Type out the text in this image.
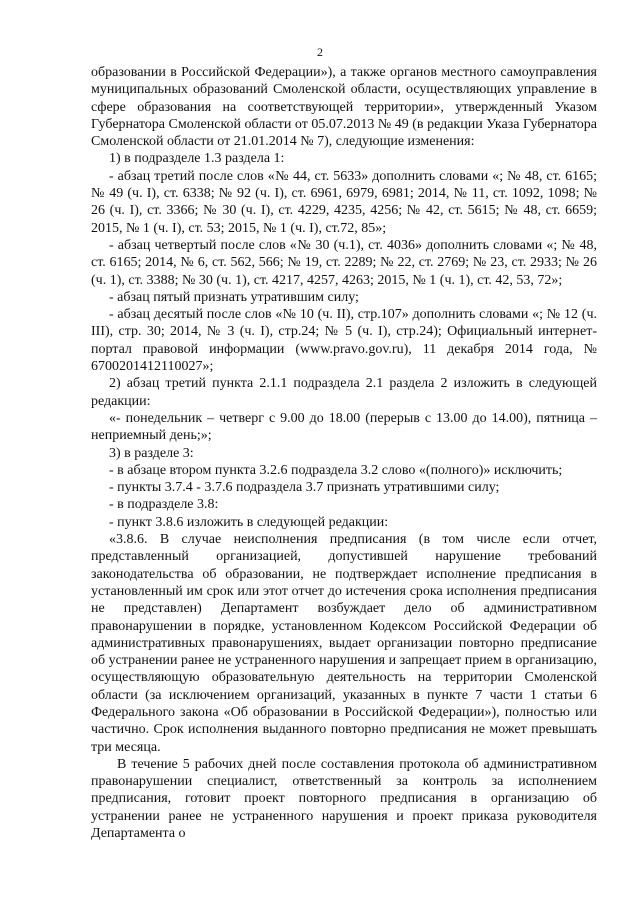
2

образовании в Российской Федерации»), а также органов местного самоуправления муниципальных образований Смоленской области, осуществляющих управление в сфере образования на соответствующей территории», утвержденный Указом Губернатора Смоленской области от 05.07.2013 № 49 (в редакции Указа Губернатора Смоленской области от 21.01.2014 № 7), следующие изменения:

1) в подразделе 1.3 раздела 1:

- абзац третий после слов «№ 44, ст. 5633» дополнить словами «; № 48, ст. 6165; № 49 (ч. I), ст. 6338; № 92 (ч. I), ст. 6961, 6979, 6981; 2014, № 11, ст. 1092, 1098; № 26 (ч. I), ст. 3366; № 30 (ч. I), ст. 4229, 4235, 4256; № 42, ст. 5615; № 48, ст. 6659; 2015, № 1 (ч. I), ст. 53; 2015, № 1 (ч. I), ст.72, 85»;

- абзац четвертый после слов «№ 30 (ч.1), ст. 4036» дополнить словами «; № 48, ст. 6165; 2014, № 6, ст. 562, 566; № 19, ст. 2289; № 22, ст. 2769; № 23, ст. 2933; № 26 (ч. 1), ст. 3388; № 30 (ч. 1), ст. 4217, 4257, 4263; 2015, № 1 (ч. 1), ст. 42, 53, 72»;

- абзац пятый признать утратившим силу;

- абзац десятый после слов «№ 10 (ч. II), стр.107» дополнить словами «; № 12 (ч. III), стр. 30; 2014, № 3 (ч. I), стр.24; № 5 (ч. I), стр.24); Официальный интернет-портал правовой информации (www.pravo.gov.ru), 11 декабря 2014 года, № 6700201412110027»;

2) абзац третий пункта 2.1.1 подраздела 2.1 раздела 2 изложить в следующей редакции:

«- понедельник – четверг с 9.00 до 18.00 (перерыв с 13.00 до 14.00), пятница – неприемный день;»;

3) в разделе 3:

- в абзаце втором пункта 3.2.6 подраздела 3.2 слово «(полного)» исключить;

- пункты 3.7.4 - 3.7.6 подраздела 3.7 признать утратившими силу;

- в подразделе 3.8:

- пункт 3.8.6 изложить в следующей редакции:

«3.8.6. В случае неисполнения предписания (в том числе если отчет, представленный организацией, допустившей нарушение требований законодательства об образовании, не подтверждает исполнение предписания в установленный им срок или этот отчет до истечения срока исполнения предписания не представлен) Департамент возбуждает дело об административном правонарушении в порядке, установленном Кодексом Российской Федерации об административных правонарушениях, выдает организации повторно предписание об устранении ранее не устраненного нарушения и запрещает прием в организацию, осуществляющую образовательную деятельность на территории Смоленской области (за исключением организаций, указанных в пункте 7 части 1 статьи 6 Федерального закона «Об образовании в Российской Федерации»), полностью или частично. Срок исполнения выданного повторно предписания не может превышать три месяца.

В течение 5 рабочих дней после составления протокола об административном правонарушении специалист, ответственный за контроль за исполнением предписания, готовит проект повторного предписания в организацию об устранении ранее не устраненного нарушения и проект приказа руководителя Департамента о
